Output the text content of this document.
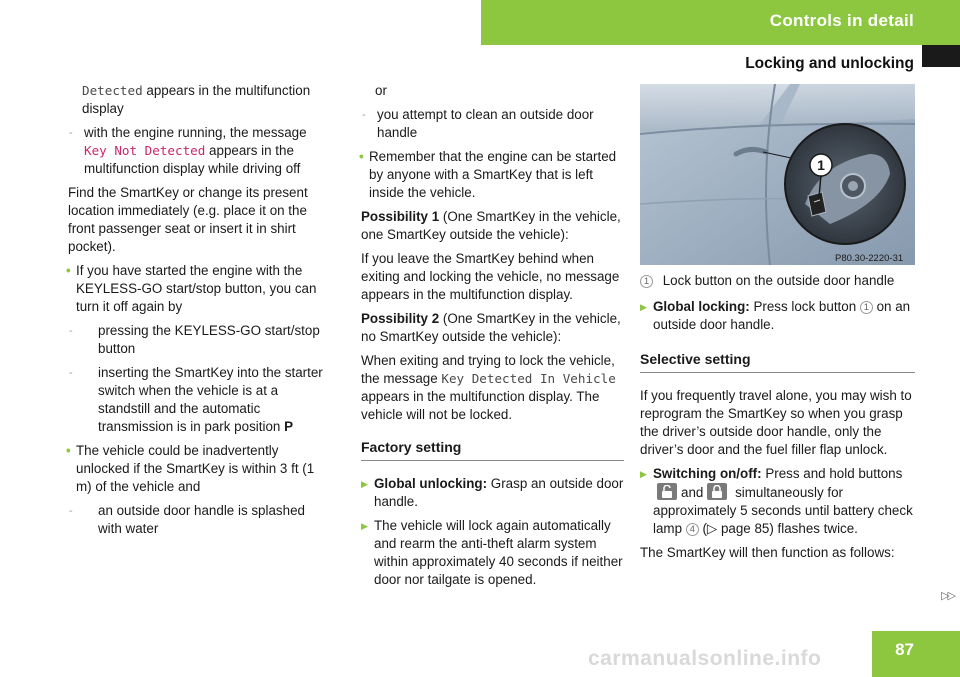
Controls in detail
Locking and unlocking

Detected appears in the multifunction display

- with the engine running, the message Key Not Detected appears in the multifunction display while driving off

Find the SmartKey or change its present location immediately (e.g. place it on the front passenger seat or insert it in shirt pocket).

• If you have started the engine with the KEYLESS-GO start/stop button, you can turn it off again by

- pressing the KEYLESS-GO start/stop button

- inserting the SmartKey into the starter switch when the vehicle is at a standstill and the automatic transmission is in park position P

• The vehicle could be inadvertently unlocked if the SmartKey is within 3 ft (1 m) of the vehicle and

- an outside door handle is splashed with water

or

- you attempt to clean an outside door handle

• Remember that the engine can be started by anyone with a SmartKey that is left inside the vehicle.

Possibility 1 (One SmartKey in the vehicle, one SmartKey outside the vehicle):

If you leave the SmartKey behind when exiting and locking the vehicle, no message appears in the multifunction display.

Possibility 2 (One SmartKey in the vehicle, no SmartKey outside the vehicle):

When exiting and trying to lock the vehicle, the message Key Detected In Vehicle appears in the multifunction display. The vehicle will not be locked.

Factory setting

▶ Global unlocking: Grasp an outside door handle.

▶ The vehicle will lock again automatically and rearm the anti-theft alarm system within approximately 40 seconds if neither door nor tailgate is opened.

1
P80.30-2220-31

1 Lock button on the outside door handle

▶ Global locking: Press lock button 1 on an outside door handle.

Selective setting

If you frequently travel alone, you may wish to reprogram the SmartKey so when you grasp the driver’s outside door handle, only the driver’s door and the fuel filler flap unlock.

▶ Switching on/off: Press and hold buttons

and
simultaneously for approximately 5 seconds until battery check lamp 4 (▷ page 85) flashes twice.

The SmartKey will then function as follows:

▷▷
87
carmanualsonline.info
